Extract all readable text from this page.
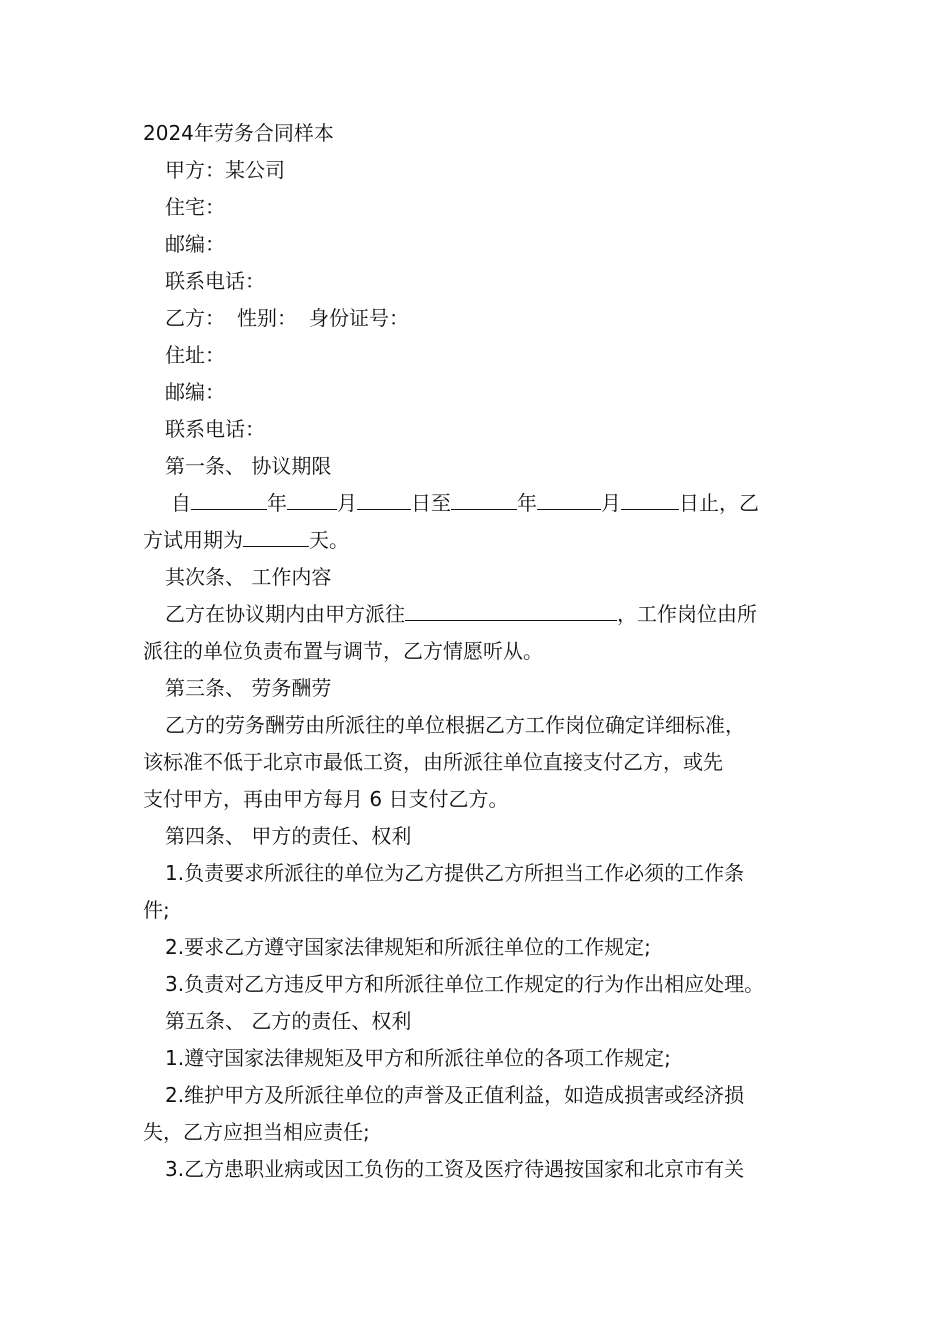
2024年劳务合同样本
甲方：某公司
住宅：
邮编：
联系电话：
乙方： 性别： 身份证号：
住址：
邮编：
联系电话：
第一条、 协议期限
自	年	月	日至	年	月	日止，乙
方试用期为	天。
其次条、 工作内容
乙方在协议期内由甲方派往	，工作岗位由所
派往的单位负责布置与调节，乙方情愿听从。
第三条、 劳务酬劳
乙方的劳务酬劳由所派往的单位根据乙方工作岗位确定详细标准，
该标准不低于北京市最低工资，由所派往单位直接支付乙方，或先
支付甲方，再由甲方每月 6 日支付乙方。
第四条、 甲方的责任、权利
1.负责要求所派往的单位为乙方提供乙方所担当工作必须的工作条
件;
2.要求乙方遵守国家法律规矩和所派往单位的工作规定;
3.负责对乙方违反甲方和所派往单位工作规定的行为作出相应处理。
第五条、 乙方的责任、权利
1.遵守国家法律规矩及甲方和所派往单位的各项工作规定;
2.维护甲方及所派往单位的声誉及正值利益，如造成损害或经济损
失，乙方应担当相应责任;
3.乙方患职业病或因工负伤的工资及医疗待遇按国家和北京市有关
